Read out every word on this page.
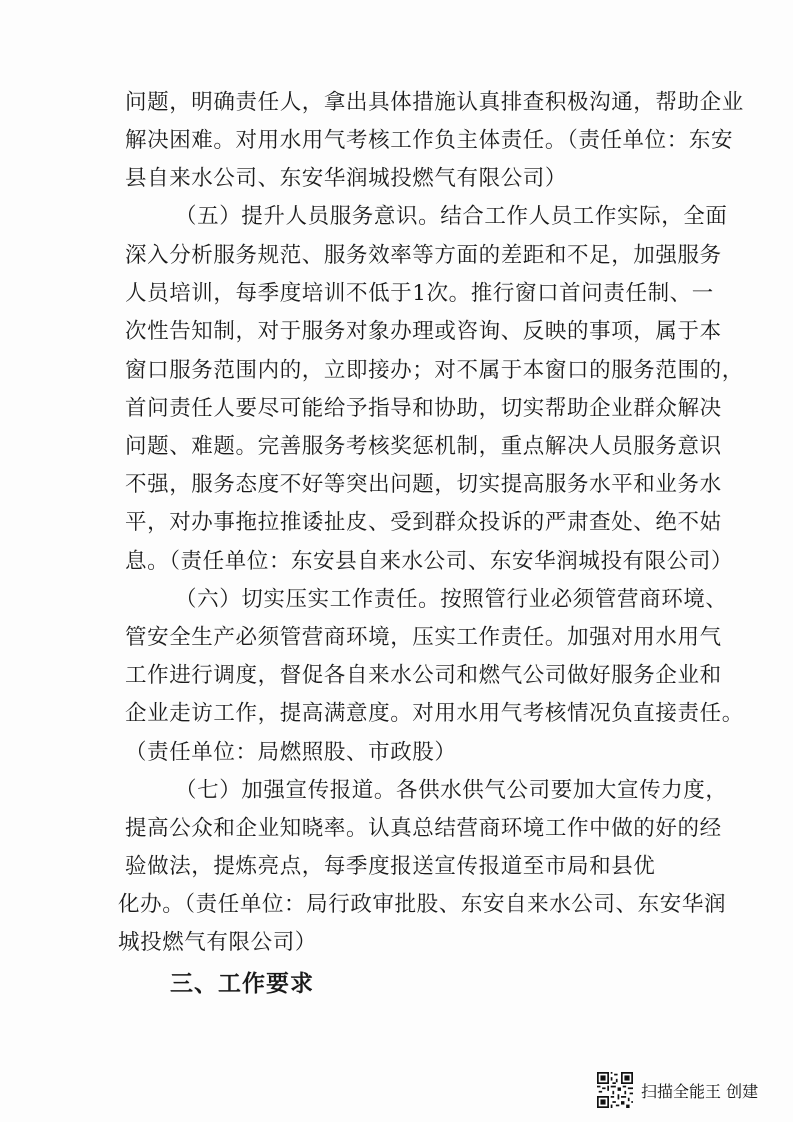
问题，明确责任人，拿出具体措施认真排查积极沟通，帮助企业
解决困难。对用水用气考核工作负主体责任。（责任单位：东安
县自来水公司、东安华润城投燃气有限公司）
（五）提升人员服务意识。结合工作人员工作实际，全面
深入分析服务规范、服务效率等方面的差距和不足，加强服务
人员培训，每季度培训不低于1次。推行窗口首问责任制、一
次性告知制，对于服务对象办理或咨询、反映的事项，属于本
窗口服务范围内的，立即接办；对不属于本窗口的服务范围的，
首问责任人要尽可能给予指导和协助，切实帮助企业群众解决
问题、难题。完善服务考核奖惩机制，重点解决人员服务意识
不强，服务态度不好等突出问题，切实提高服务水平和业务水
平，对办事拖拉推诿扯皮、受到群众投诉的严肃查处、绝不姑
息。（责任单位：东安县自来水公司、东安华润城投有限公司）
（六）切实压实工作责任。按照管行业必须管营商环境、
管安全生产必须管营商环境，压实工作责任。加强对用水用气
工作进行调度，督促各自来水公司和燃气公司做好服务企业和
企业走访工作，提高满意度。对用水用气考核情况负直接责任。
（责任单位：局燃照股、市政股）
（七）加强宣传报道。各供水供气公司要加大宣传力度，
提高公众和企业知晓率。认真总结营商环境工作中做的好的经
验做法，提炼亮点，每季度报送宣传报道至市局和县优
化办。（责任单位：局行政审批股、东安自来水公司、东安华润
城投燃气有限公司）
三、工作要求
扫描全能王 创建
